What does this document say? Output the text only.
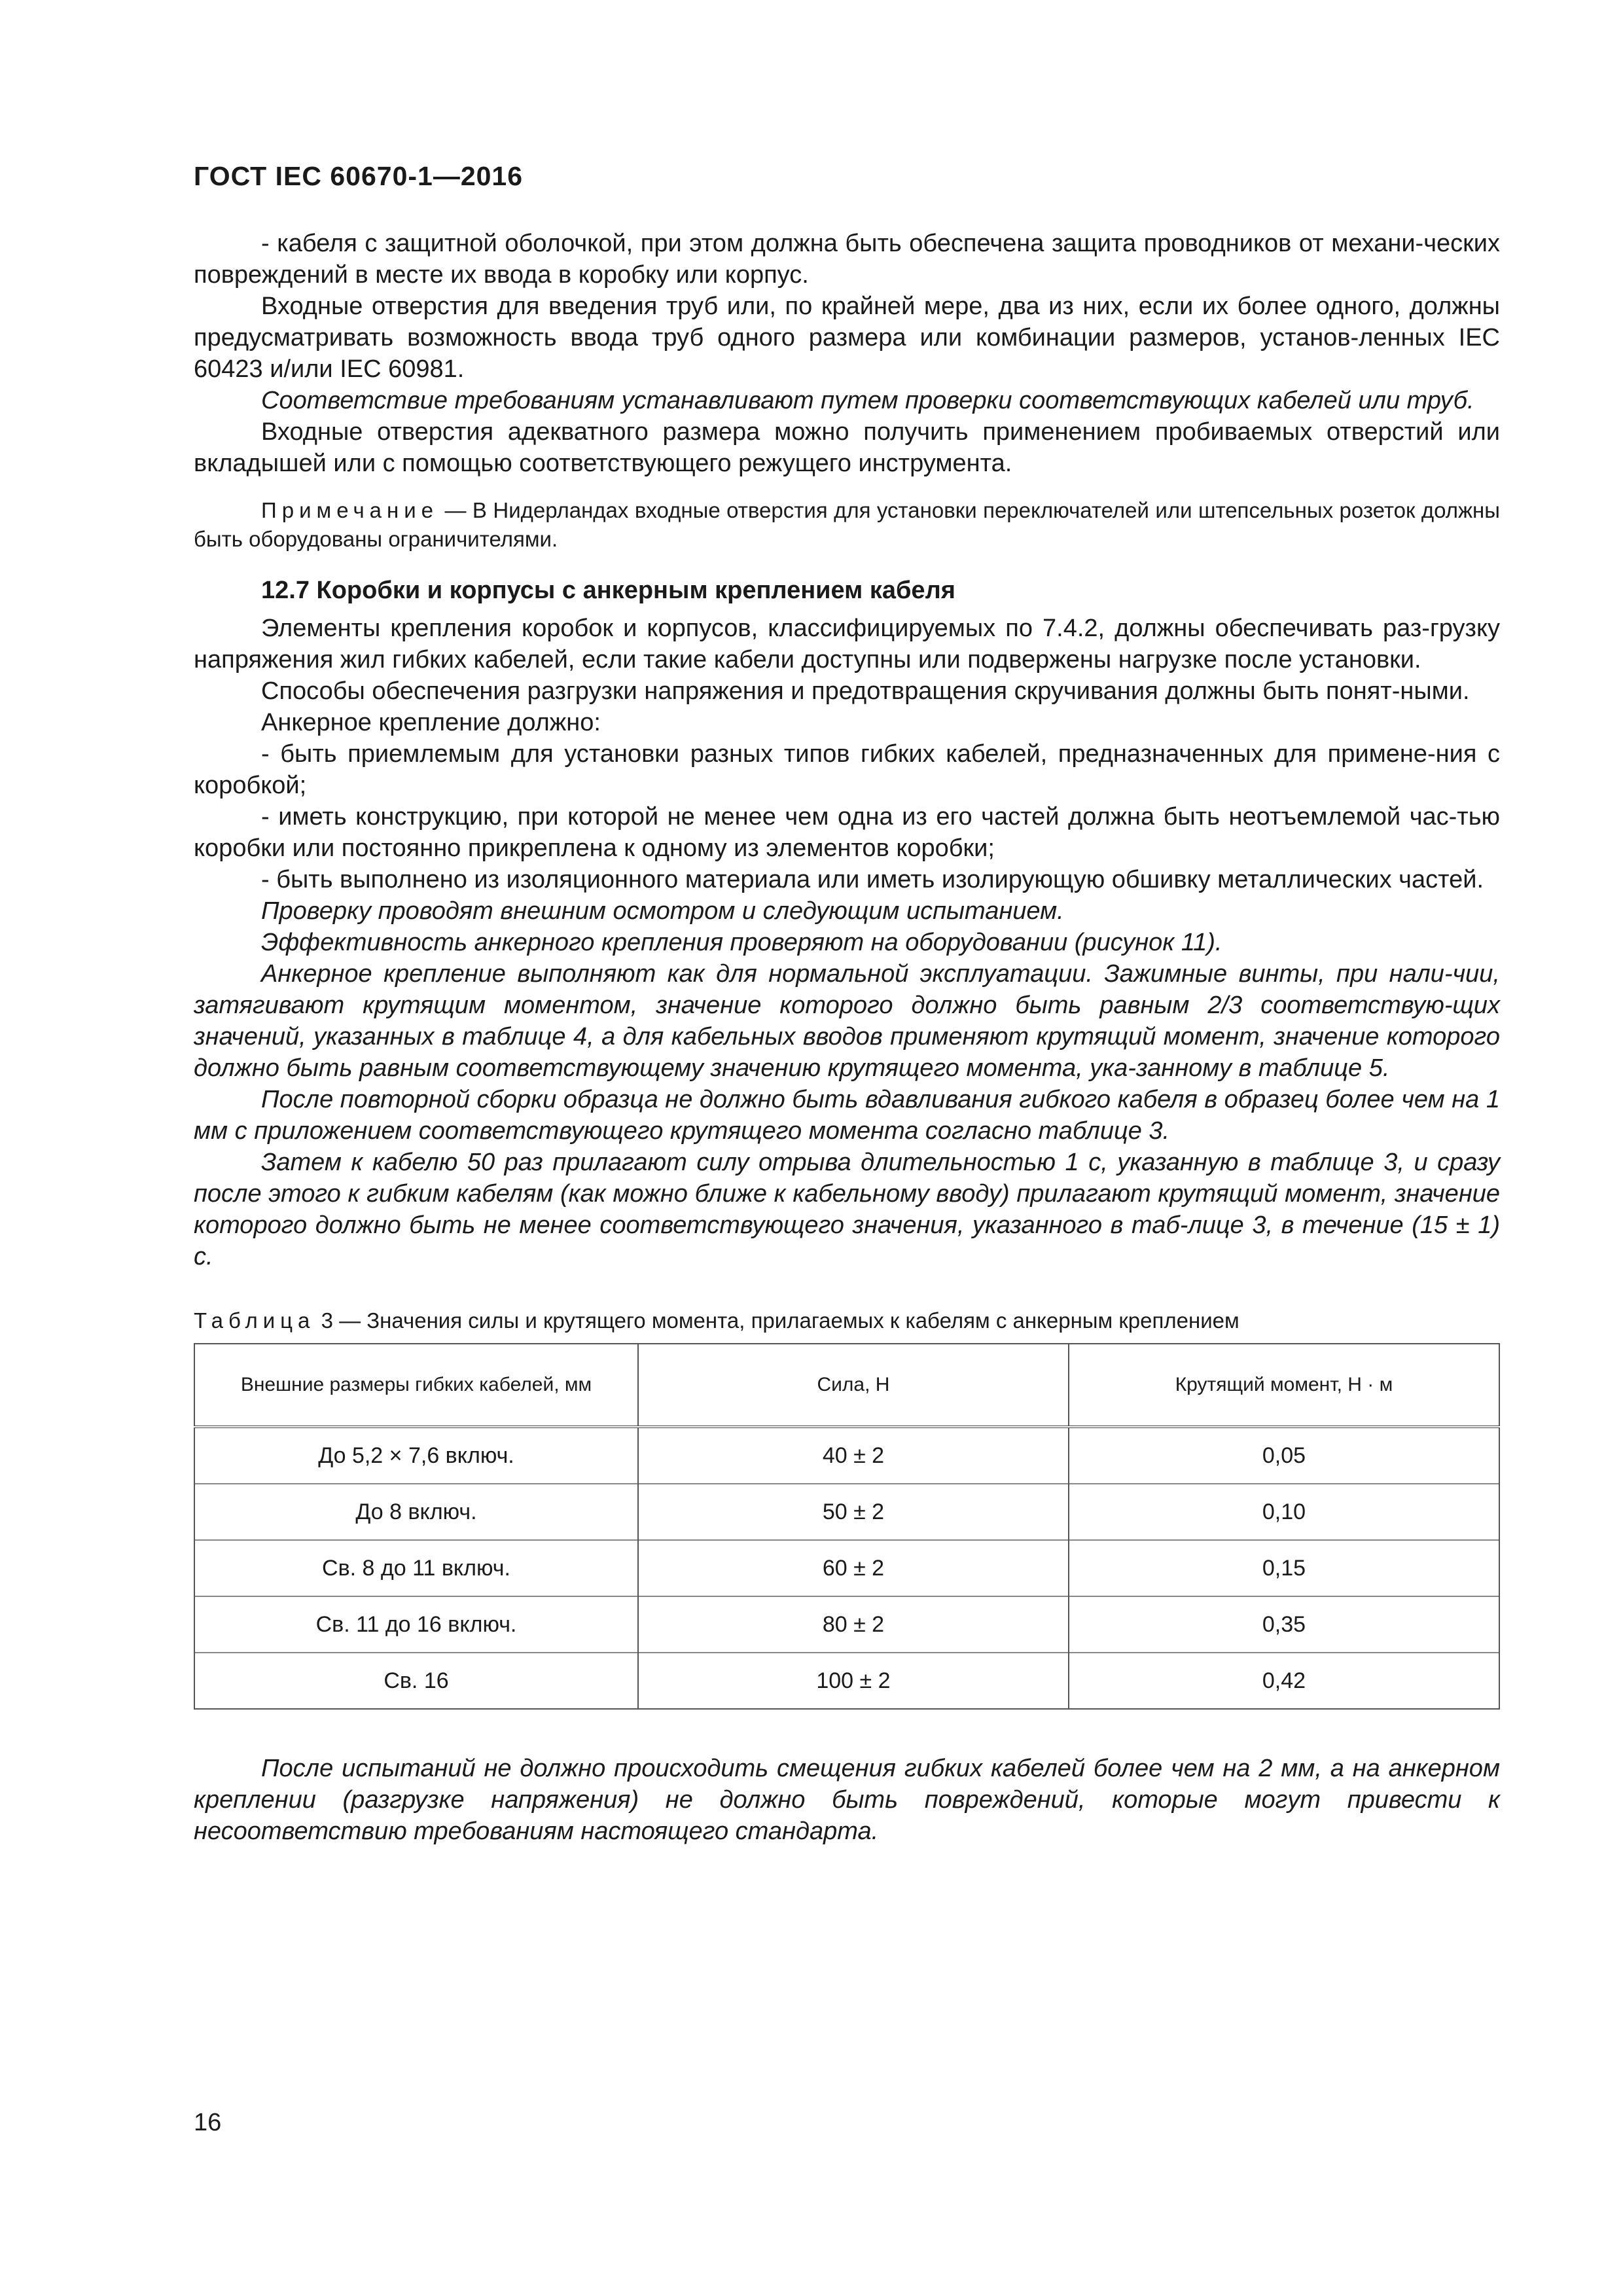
ГОСТ IEC 60670-1—2016

- кабеля с защитной оболочкой, при этом должна быть обеспечена защита проводников от механи-ческих повреждений в месте их ввода в коробку или корпус.

Входные отверстия для введения труб или, по крайней мере, два из них, если их более одного, должны предусматривать возможность ввода труб одного размера или комбинации размеров, установ-ленных IEC 60423 и/или IEC 60981.

Соответствие требованиям устанавливают путем проверки соответствующих кабелей или труб.

Входные отверстия адекватного размера можно получить применением пробиваемых отверстий или вкладышей или с помощью соответствующего режущего инструмента.

Примечание — В Нидерландах входные отверстия для установки переключателей или штепсельных розеток должны быть оборудованы ограничителями.

12.7 Коробки и корпусы с анкерным креплением кабеля

Элементы крепления коробок и корпусов, классифицируемых по 7.4.2, должны обеспечивать раз-грузку напряжения жил гибких кабелей, если такие кабели доступны или подвержены нагрузке после установки.

Способы обеспечения разгрузки напряжения и предотвращения скручивания должны быть понят-ными.

Анкерное крепление должно:

- быть приемлемым для установки разных типов гибких кабелей, предназначенных для примене-ния с коробкой;

- иметь конструкцию, при которой не менее чем одна из его частей должна быть неотъемлемой час-тью коробки или постоянно прикреплена к одному из элементов коробки;

- быть выполнено из изоляционного материала или иметь изолирующую обшивку металлических частей.

Проверку проводят внешним осмотром и следующим испытанием.

Эффективность анкерного крепления проверяют на оборудовании (рисунок 11).

Анкерное крепление выполняют как для нормальной эксплуатации. Зажимные винты, при нали-чии, затягивают крутящим моментом, значение которого должно быть равным 2/3 соответствую-щих значений, указанных в таблице 4, а для кабельных вводов применяют крутящий момент, значение которого должно быть равным соответствующему значению крутящего момента, ука-занному в таблице 5.

После повторной сборки образца не должно быть вдавливания гибкого кабеля в образец более чем на 1 мм с приложением соответствующего крутящего момента согласно таблице 3.

Затем к кабелю 50 раз прилагают силу отрыва длительностью 1 с, указанную в таблице 3, и сразу после этого к гибким кабелям (как можно ближе к кабельному вводу) прилагают крутящий момент, значение которого должно быть не менее соответствующего значения, указанного в таб-лице 3, в течение (15 ± 1) с.

Таблица 3 — Значения силы и крутящего момента, прилагаемых к кабелям с анкерным креплением

Внешние размеры гибких кабелей, мм	Сила, Н	Крутящий момент, Н · м
До 5,2 × 7,6 включ.	40 ± 2	0,05
До 8 включ.	50 ± 2	0,10
Св. 8 до 11 включ.	60 ± 2	0,15
Св. 11 до 16 включ.	80 ± 2	0,35
Св. 16	100 ± 2	0,42

После испытаний не должно происходить смещения гибких кабелей более чем на 2 мм, а на анкерном креплении (разгрузке напряжения) не должно быть повреждений, которые могут привести к несоответствию требованиям настоящего стандарта.

16
